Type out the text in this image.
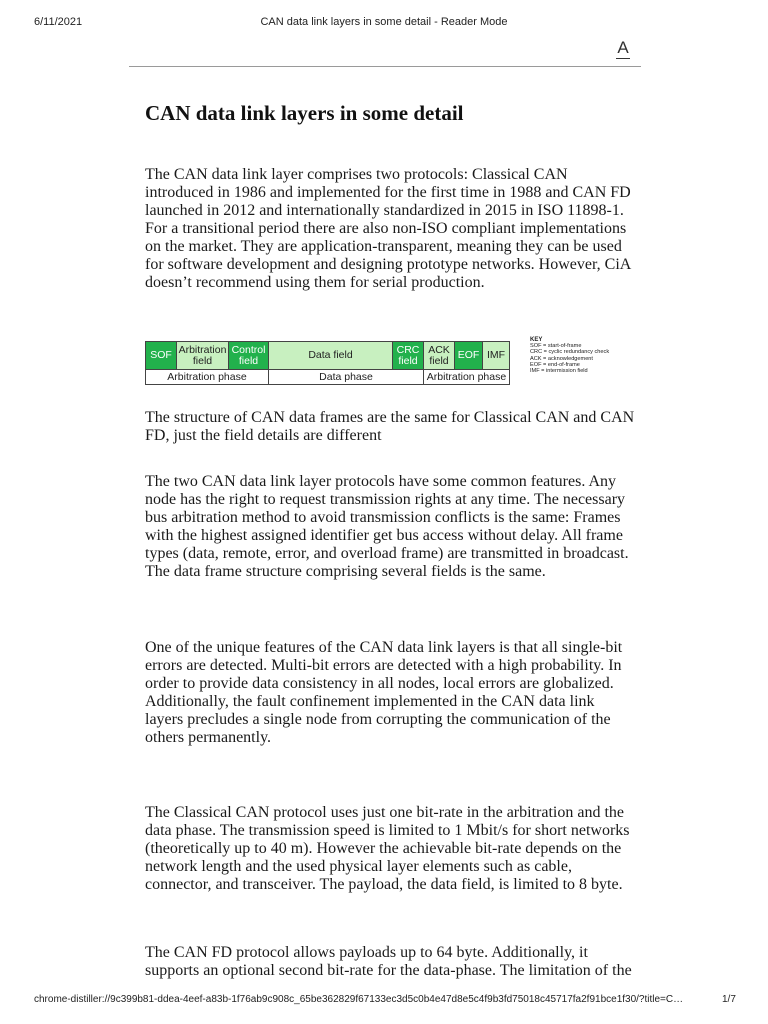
6/11/2021	CAN data link layers in some detail - Reader Mode
A
CAN data link layers in some detail

The CAN data link layer comprises two protocols: Classical CAN introduced in 1986 and implemented for the first time in 1988 and CAN FD launched in 2012 and internationally standardized in 2015 in ISO 11898-1. For a transitional period there are also non-ISO compliant implementations on the market. They are application-transparent, meaning they can be used for software development and designing prototype networks. However, CiA doesn’t recommend using them for serial production.

SOF	Arbitration field	Control field	Data field	CRC field	ACK field	EOF	IMF
Arbitration phase			Data phase		Arbitration phase		
KEY
SOF = start-of-frame
CRC = cyclic redundancy check
ACK = acknowledgement
EOF = end-of-frame
IMF = intermission field

The structure of CAN data frames are the same for Classical CAN and CAN FD, just the field details are different

The two CAN data link layer protocols have some common features. Any node has the right to request transmission rights at any time. The necessary bus arbitration method to avoid transmission conflicts is the same: Frames with the highest assigned identifier get bus access without delay. All frame types (data, remote, error, and overload frame) are transmitted in broadcast. The data frame structure comprising several fields is the same.

One of the unique features of the CAN data link layers is that all single-bit errors are detected. Multi-bit errors are detected with a high probability. In order to provide data consistency in all nodes, local errors are globalized. Additionally, the fault confinement implemented in the CAN data link layers precludes a single node from corrupting the communication of the others permanently.

The Classical CAN protocol uses just one bit-rate in the arbitration and the data phase. The transmission speed is limited to 1 Mbit/s for short networks (theoretically up to 40 m). However the achievable bit-rate depends on the network length and the used physical layer elements such as cable, connector, and transceiver. The payload, the data field, is limited to 8 byte.

The CAN FD protocol allows payloads up to 64 byte. Additionally, it supports an optional second bit-rate for the data-phase. The limitation of the

chrome-distiller://9c399b81-ddea-4eef-a83b-1f76ab9c908c_65be362829f67133ec3d5c0b4e47d8e5c4f9b3fd75018c45717fa2f91bce1f30/?title=C…	1/7
